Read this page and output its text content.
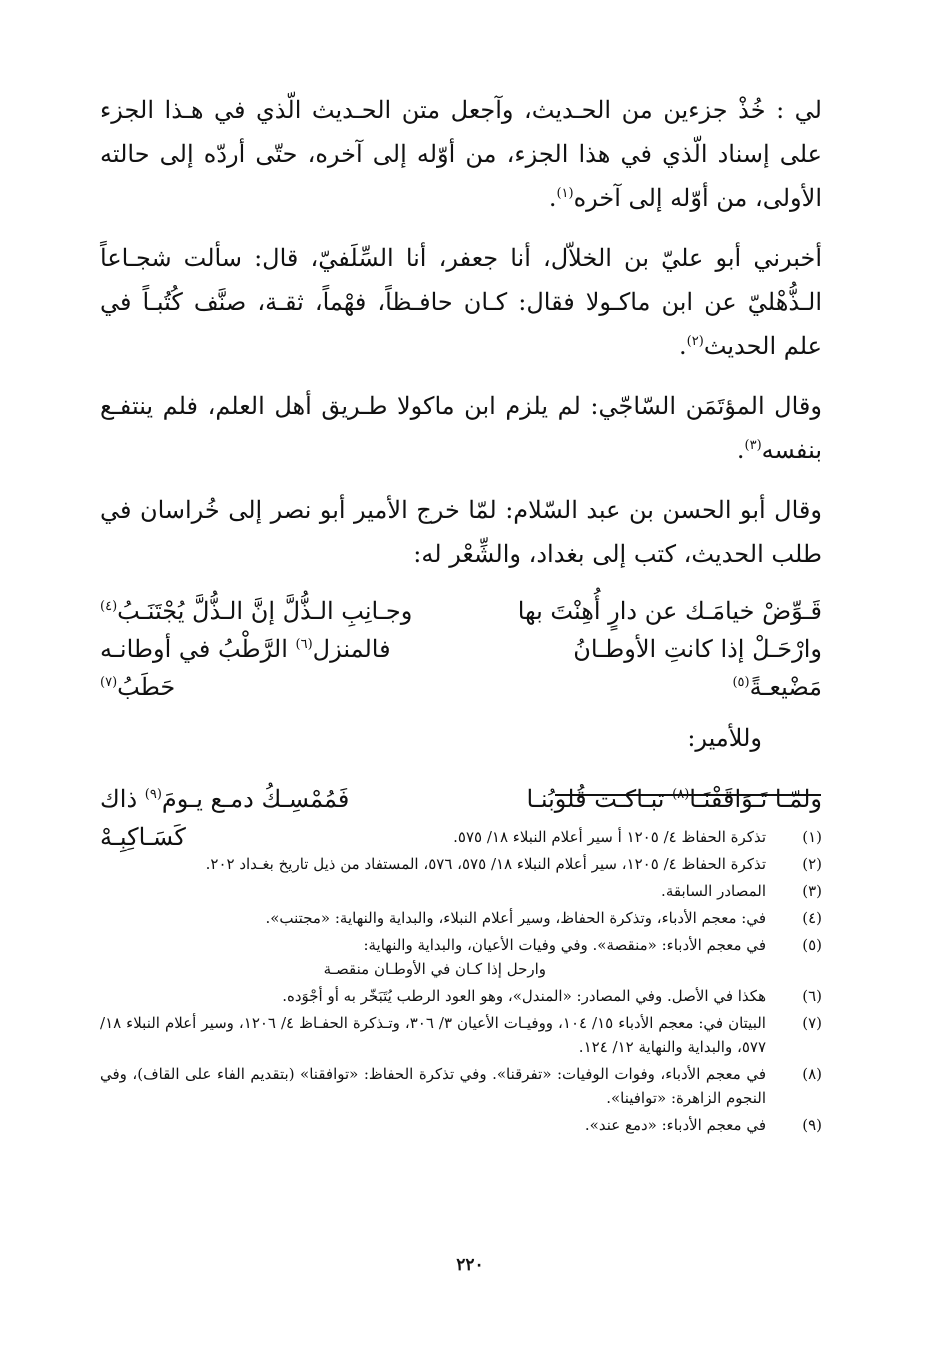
لي : خُذْ جزءين من الحـديث، وآجعل متن الحـديث الّذي في هـذا الجزء على إسناد الّذي في هذا الجزء، من أوّله إلى آخره، حتّى أردّه إلى حالته الأولى، من أوّله إلى آخره$^{(١)}$.

أخبرني أبو عليّ بن الخلاّل، أنا جعفر، أنا السِّلَفيّ، قال: سألت شجـاعاً الـذُّهْليّ عن ابن ماكـولا فقال: كـان حافـظاً، فهْماً، ثقـة، صنَّف كُتُبـاً في علم الحديث$^{(٢)}$.

وقال المؤتَمَن السّاجّي: لم يلزم ابن ماكولا طـريق أهل العلم، فلم ينتفـع بنفسه$^{(٣)}$.

وقال أبو الحسن بن عبد السّلام: لمّا خرج الأمير أبو نصر إلى خُراسان في طلب الحديث، كتب إلى بغداد، والشِّعْر له:

قَـوِّضْ خيامَـك عن دارٍ أُهِنْتَ بها
وجـانِبِ الـذُّلَّ إنَّ الـذُّلَّ يُجْتَنَـبُ$^{(٤)}$
وارْحَـلْ إذا كانتِ الأوطـانُ مَضْيعـةً$^{(٥)}$
فالمنزل$^{(٦)}$ الرَّطْبُ في أوطانـه حَطَبُ$^{(٧)}$
وللأمير:
ولمّـا تَـوَاقَفْنَـا$^{(٨)}$ تبـاكـت قُلوبُنـا
فَمُمْسِـكُ دمـع يـومَ$^{(٩)}$ ذاك كَسَـاكِبِـهْ	(١)
تذكرة الحفاظ ٤/ ١٢٠٥ أ سير أعلام النبلاء ١٨/ ٥٧٥.
(٢)
تذكرة الحفاظ ٤/ ١٢٠٥، سير أعلام النبلاء ١٨/ ٥٧٥، ٥٧٦، المستفاد من ذيل تاريخ بغـداد ٢٠٢.
(٣)
المصادر السابقة.
(٤)
في: معجم الأدباء، وتذكرة الحفاظ، وسير أعلام النبلاء، والبداية والنهاية: «مجتنب».
(٥)
في معجم الأدباء: «منقصة». وفي وفيات الأعيان، والبداية والنهاية:
وارحل إذا كـان في الأوطـان منقصـة
(٦)
هكذا في الأصل. وفي المصادر: «المندل»، وهو العود الرطب يُتَبَخّر به أو أجْوَده.
(٧)
البيتان في: معجم الأدباء ١٥/ ١٠٤، ووفيـات الأعيان ٣/ ٣٠٦، وتـذكرة الحفـاظ ٤/ ١٢٠٦، وسير أعلام النبلاء ١٨/ ٥٧٧، والبداية والنهاية ١٢/ ١٢٤.
(٨)
في معجم الأدباء، وفوات الوفيات: «تفرقنا». وفي تذكرة الحفاظ: «توافقنا» (بتقديم الفاء على القاف)، وفي النجوم الزاهرة: «توافينا».
(٩)
في معجم الأدباء: «دمع عند».
٢٢٠
